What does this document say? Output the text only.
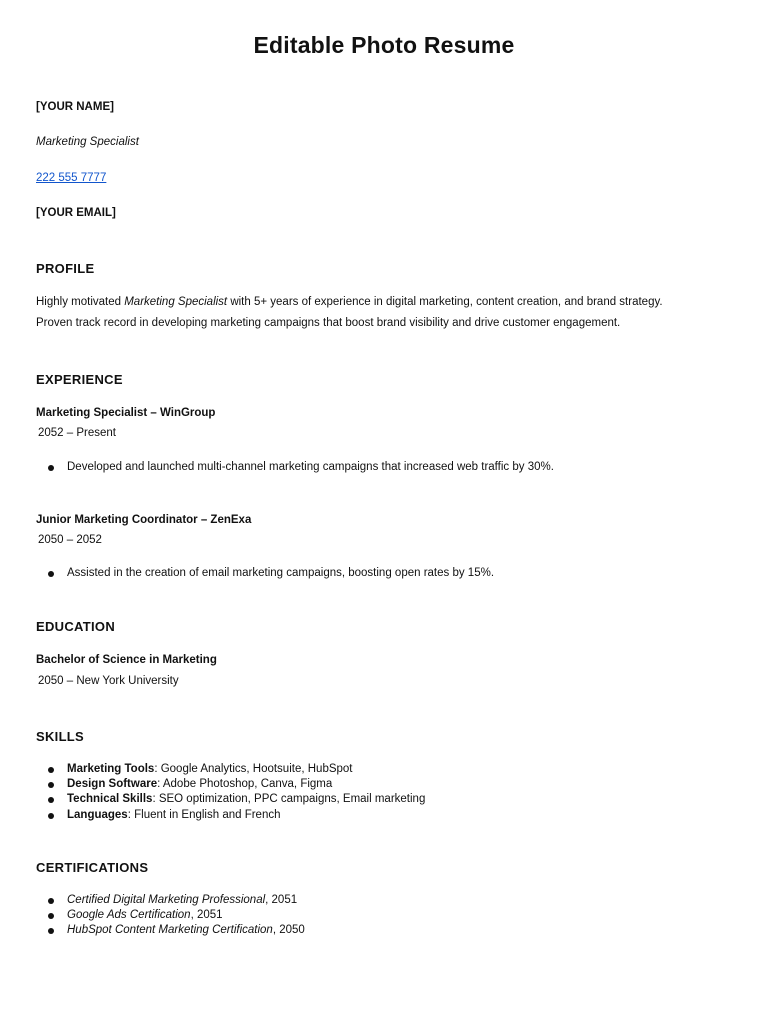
Editable Photo Resume
[YOUR NAME]
Marketing Specialist
222 555 7777
[YOUR EMAIL]
PROFILE
Highly motivated Marketing Specialist with 5+ years of experience in digital marketing, content creation, and brand strategy.
Proven track record in developing marketing campaigns that boost brand visibility and drive customer engagement.
EXPERIENCE
Marketing Specialist – WinGroup
2052 – Present
Developed and launched multi-channel marketing campaigns that increased web traffic by 30%.
Junior Marketing Coordinator – ZenExa
2050 – 2052
Assisted in the creation of email marketing campaigns, boosting open rates by 15%.
EDUCATION
Bachelor of Science in Marketing
2050 – New York University
SKILLS
Marketing Tools: Google Analytics, Hootsuite, HubSpot
Design Software: Adobe Photoshop, Canva, Figma
Technical Skills: SEO optimization, PPC campaigns, Email marketing
Languages: Fluent in English and French
CERTIFICATIONS
Certified Digital Marketing Professional, 2051
Google Ads Certification, 2051
HubSpot Content Marketing Certification, 2050
